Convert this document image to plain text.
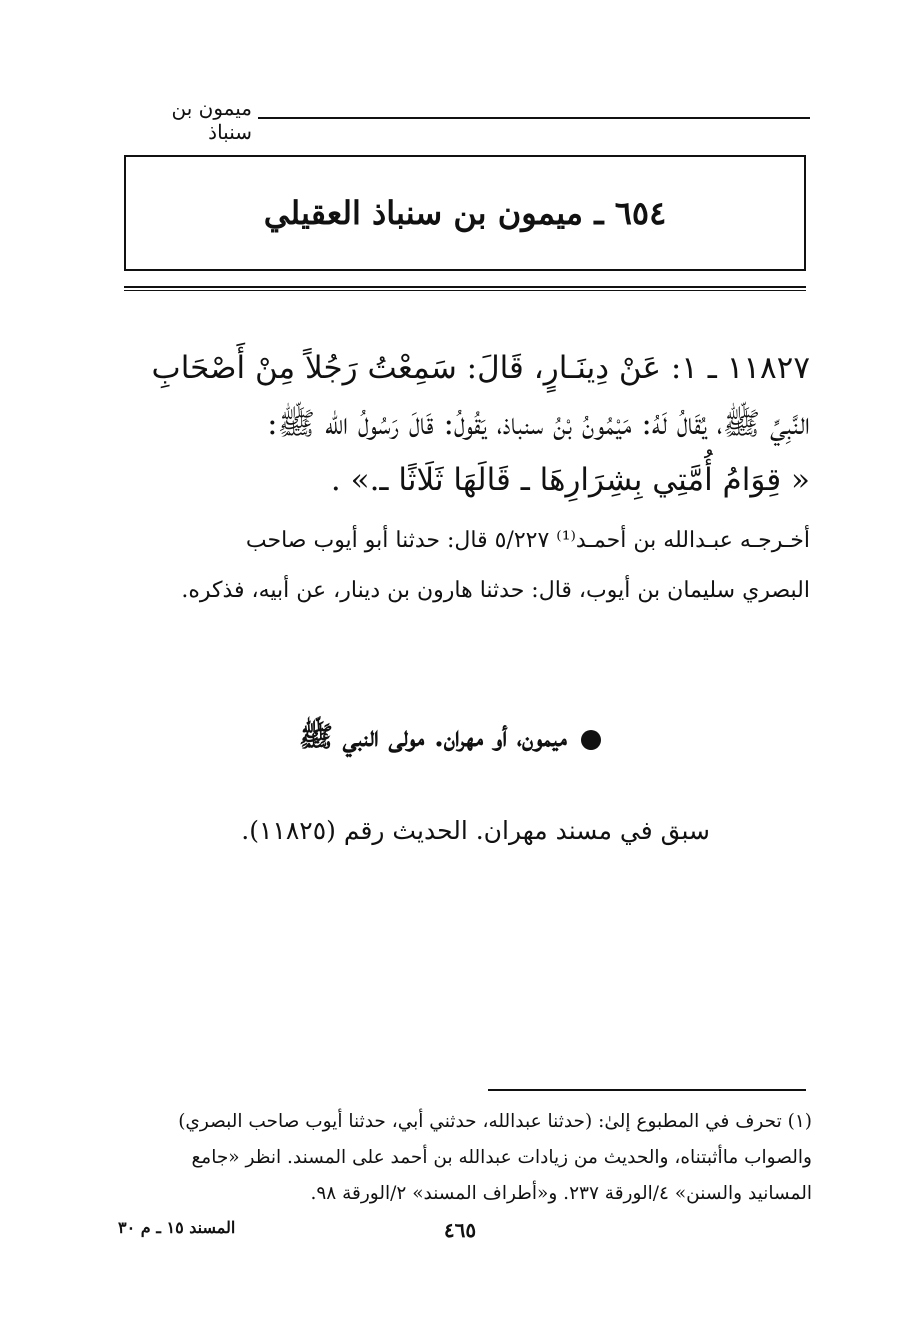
ميمون بن سنباذ
٦٥٤ ـ ميمون بن سنباذ العقيلي

١١٨٢٧ ـ ١: عَنْ دِينَـارٍ، قَالَ: سَمِعْتُ رَجُلاً مِنْ أَصْحَابِ

النَّبِيِّ ﷺ، يُقَالُ لَهُ: مَيْمُونُ بْنُ سنباذ، يَقُولُ: قَالَ رَسُولُ الله ﷺ:

« قِوَامُ أُمَّتِي بِشِرَارِهَا ـ قَالَهَا ثَلَاثًا ـ.» .

أخـرجـه عبـدالله بن أحمـد⁽¹⁾ ٥/٢٢٧ قال: حدثنا أبو أيوب صاحب

البصري سليمان بن أيوب، قال: حدثنا هارون بن دينار، عن أبيه، فذكره.

ميمون، أو مهران. مولى النبي ﷺ
سبق في مسند مهران. الحديث رقم (١١٨٢٥).

(١) تحرف في المطبوع إلىٰ: (حدثنا عبدالله، حدثني أبي، حدثنا أيوب صاحب البصري)

والصواب ماأثبتناه، والحديث من زيادات عبدالله بن أحمد على المسند. انظر «جامع

المسانيد والسنن» ٤/الورقة ٢٣٧. و«أطراف المسند» ٢/الورقة ٩٨.

٤٦٥
المسند ١٥ ـ م ٣٠
